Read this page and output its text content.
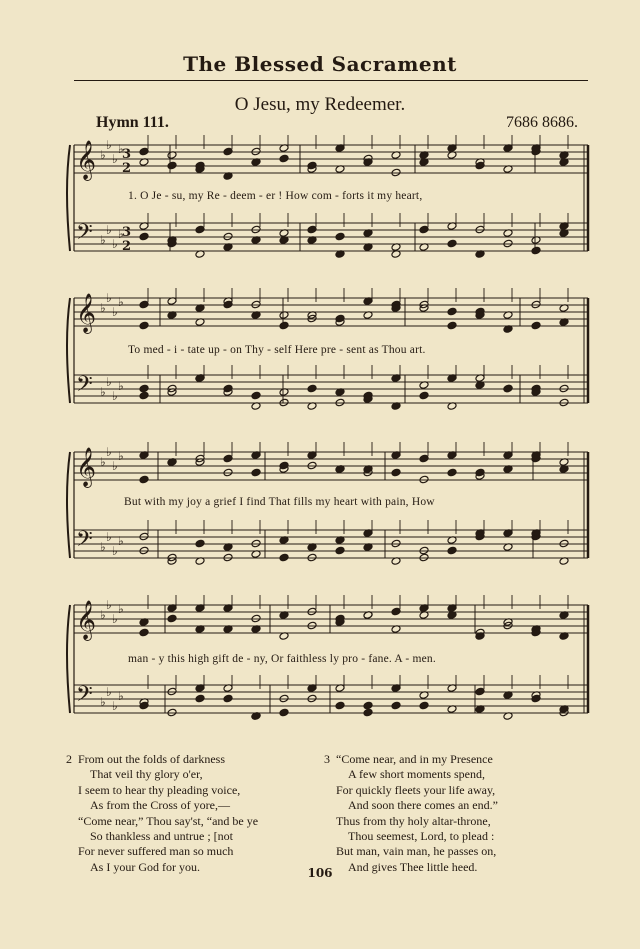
The Blessed Sacrament
O Jesu, my Redeemer.
Hymn 111.	7686 8686.
𝄞 ♭
♭
♭
♭
𝄢 ♭
♭
♭
♭
𝄞 ♭
♭
♭
♭
𝄢 ♭
♭
♭
♭
𝄞 ♭
♭
♭
♭
𝄢 ♭
♭
♭
♭
𝄞 ♭
♭
♭
♭
𝄢 ♭
♭
♭
♭
3
2
3
2
1. O Je - su, my Re - deem - er ! How com - forts it my heart,
To med - i - tate up - on Thy - self Here pre - sent as Thou art.
But with my joy a grief I find That fills my heart with pain, How
man - y this high gift de - ny, Or faithless ly pro - fane. A - men.
2 From out the folds of darkness
That veil thy glory o'er,
I seem to hear thy pleading voice,
As from the Cross of yore,—
“Come near,” Thou say'st, “and be ye
So thankless and untrue ; [not
For never suffered man so much
As I your God for you.
3 “Come near, and in my Presence
A few short moments spend,
For quickly fleets your life away,
And soon there comes an end.”
Thus from thy holy altar-throne,
Thou seemest, Lord, to plead :
But man, vain man, he passes on,
And gives Thee little heed.
106
